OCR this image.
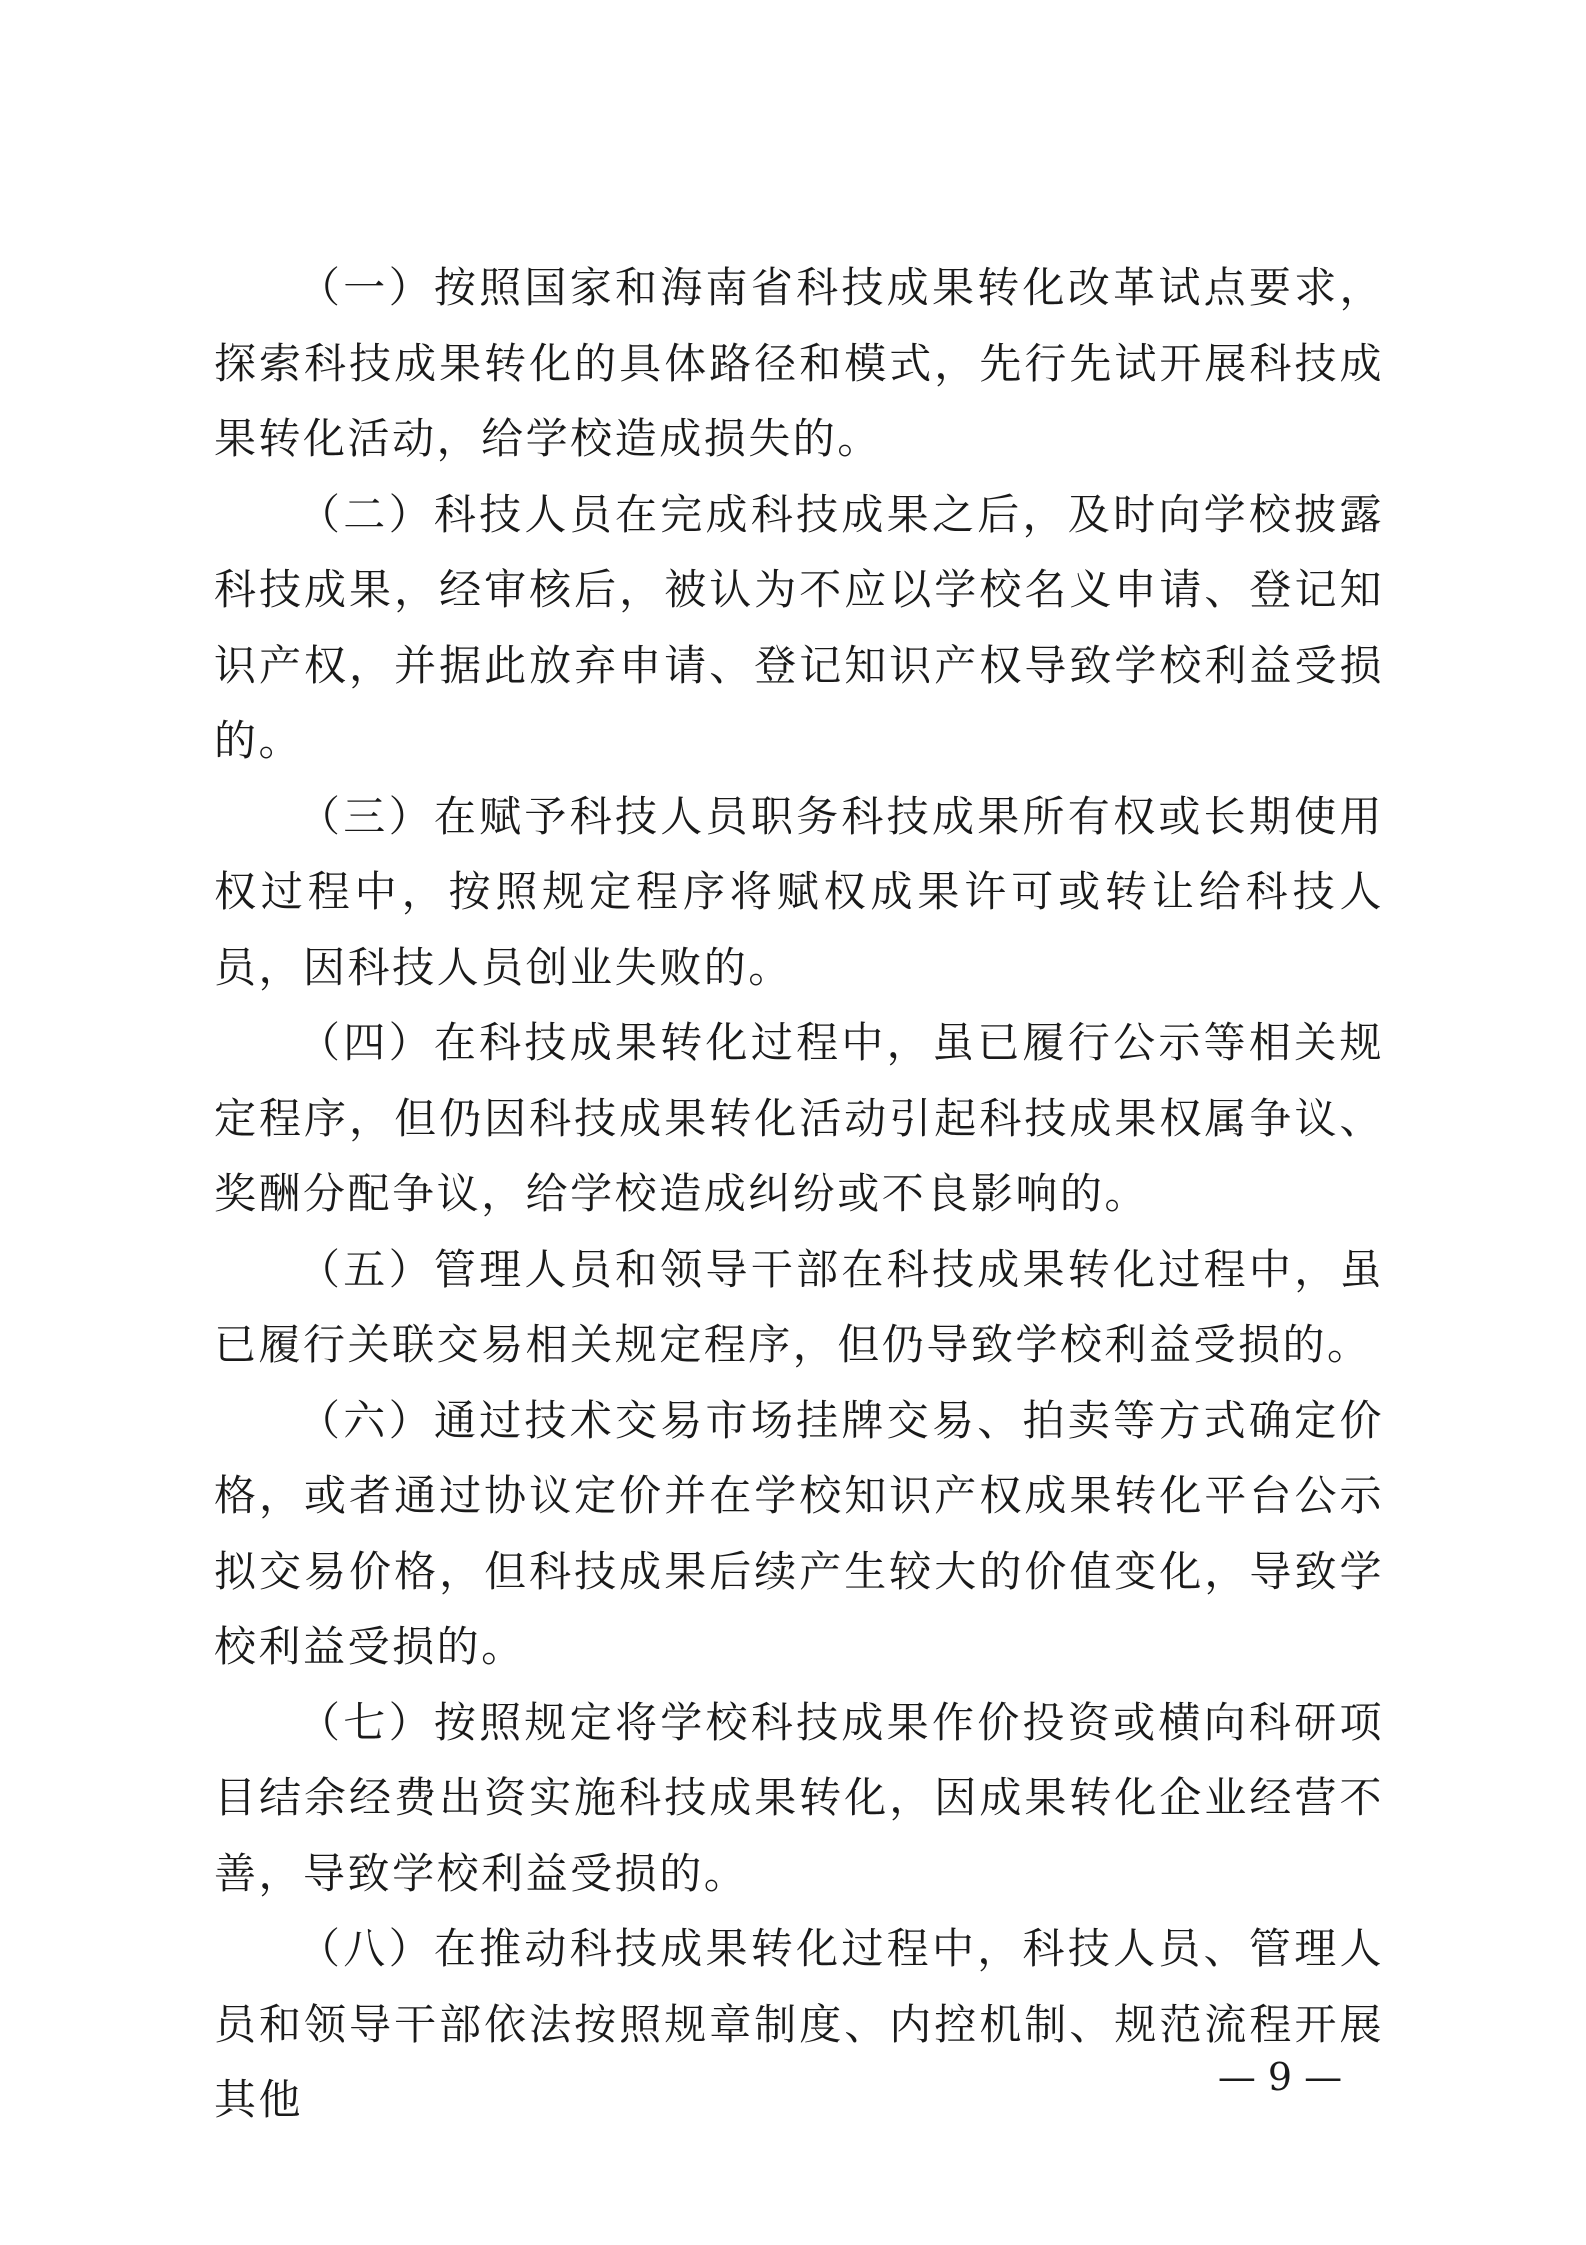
（一）按照国家和海南省科技成果转化改革试点要求，探索科技成果转化的具体路径和模式，先行先试开展科技成果转化活动，给学校造成损失的。

（二）科技人员在完成科技成果之后，及时向学校披露科技成果，经审核后，被认为不应以学校名义申请、登记知识产权，并据此放弃申请、登记知识产权导致学校利益受损的。

（三）在赋予科技人员职务科技成果所有权或长期使用权过程中，按照规定程序将赋权成果许可或转让给科技人员，因科技人员创业失败的。

（四）在科技成果转化过程中，虽已履行公示等相关规定程序，但仍因科技成果转化活动引起科技成果权属争议、奖酬分配争议，给学校造成纠纷或不良影响的。

（五）管理人员和领导干部在科技成果转化过程中，虽已履行关联交易相关规定程序，但仍导致学校利益受损的。

（六）通过技术交易市场挂牌交易、拍卖等方式确定价格，或者通过协议定价并在学校知识产权成果转化平台公示拟交易价格，但科技成果后续产生较大的价值变化，导致学校利益受损的。

（七）按照规定将学校科技成果作价投资或横向科研项目结余经费出资实施科技成果转化，因成果转化企业经营不善，导致学校利益受损的。

（八）在推动科技成果转化过程中，科技人员、管理人员和领导干部依法按照规章制度、内控机制、规范流程开展其他	— 9 —
